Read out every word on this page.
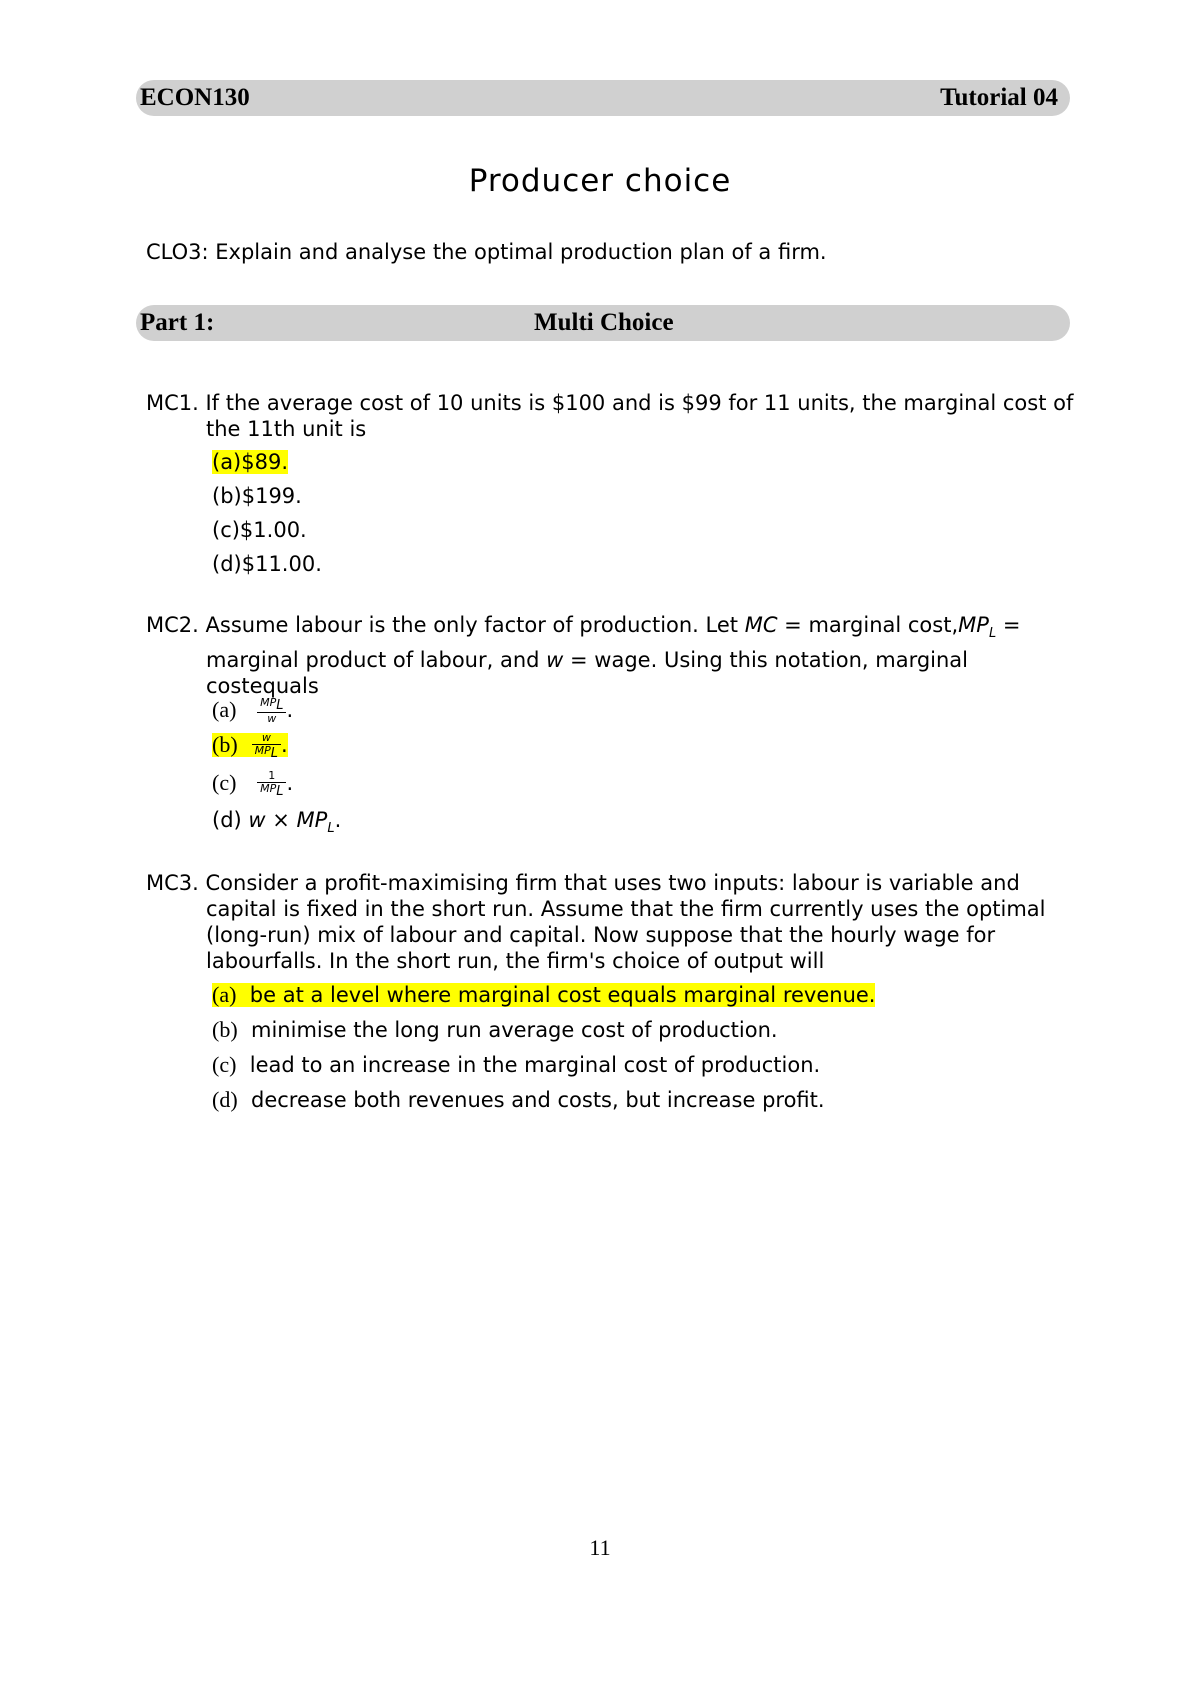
ECON130	Tutorial 04
Producer choice
CLO3: Explain and analyse the optimal production plan of a firm.
Part 1:	Multi Choice
MC1. If the average cost of 10 units is $100 and is $99 for 11 units, the marginal cost of the 11th unit is
(a)$89.
(b)$199.
(c)$1.00.
(d)$11.00.
MC2. Assume labour is the only factor of production. Let MC = marginal $\cos t,MP_L$ = marginal product of labour, and w = wage. Using this notation, marginal costequals
$(a) \frac{MP_L}{w}$ .
$(b) \frac{w}{MP_L}$ .
$(c) \frac{1}{MP_L}$ .
(d) $w \times MP_L$.
MC3. Consider a profit-maximising firm that uses two inputs: labour is variable and capital is fixed in the short run. Assume that the firm currently uses the optimal (long-run) mix of labour and capital. Now suppose that the hourly wage for labourfalls. In the short run, the firm's choice of output will
(a) be at a level where marginal cost equals marginal revenue.
(b) minimise the long run average cost of production.
(c) lead to an increase in the marginal cost of production.
(d) decrease both revenues and costs, but increase profit.
11
